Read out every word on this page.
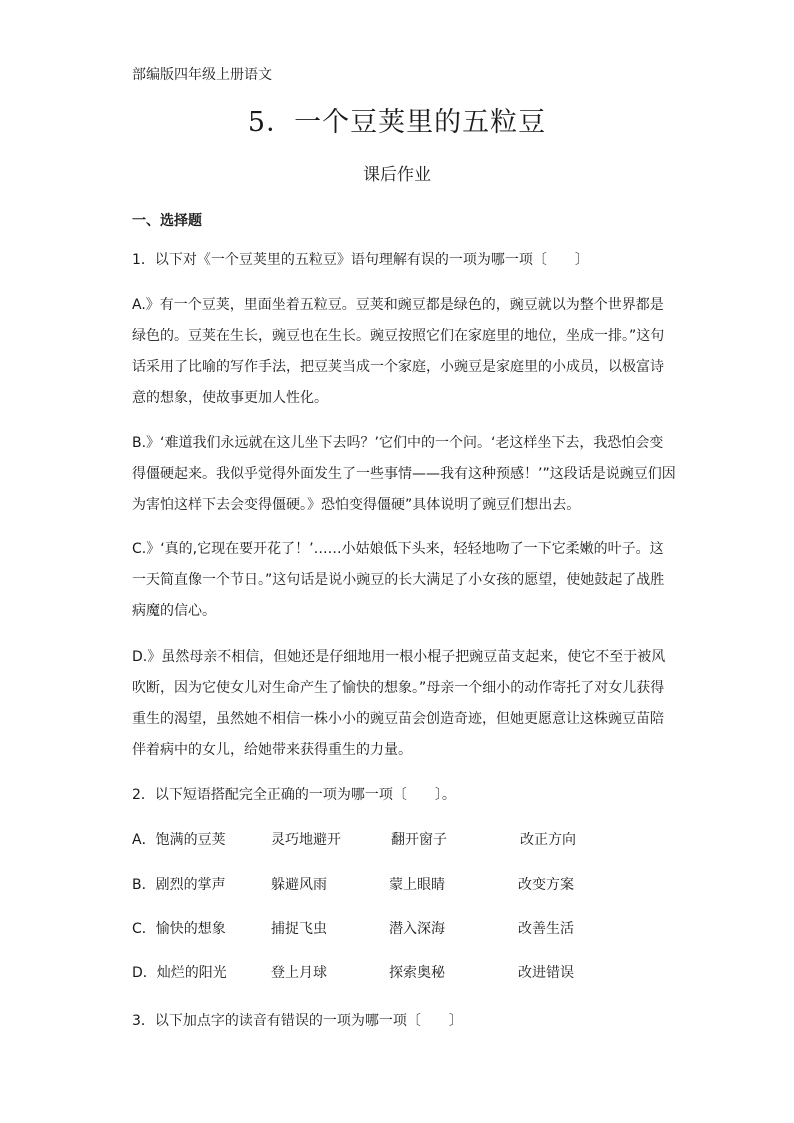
部编版四年级上册语文
5．一个豆荚里的五粒豆
课后作业
一、选择题
1．以下对《一个豆荚里的五粒豆》语句理解有误的一项为哪一项〔　　〕
A.》有一个豆荚，里面坐着五粒豆。豆荚和豌豆都是绿色的，豌豆就以为整个世界都是绿色的。豆荚在生长，豌豆也在生长。豌豆按照它们在家庭里的地位，坐成一排。”这句话采用了比喻的写作手法，把豆荚当成一个家庭，小豌豆是家庭里的小成员，以极富诗意的想象，使故事更加人性化。
B.》‘难道我们永远就在这儿坐下去吗？’它们中的一个问。‘老这样坐下去，我恐怕会变得僵硬起来。我似乎觉得外面发生了一些事情——我有这种预感！’”这段话是说豌豆们因为害怕这样下去会变得僵硬。》恐怕变得僵硬”具体说明了豌豆们想出去。
C.》‘真的,它现在要开花了！’……小姑娘低下头来，轻轻地吻了一下它柔嫩的叶子。这一天简直像一个节日。”这句话是说小豌豆的长大满足了小女孩的愿望，使她鼓起了战胜病魔的信心。
D.》虽然母亲不相信，但她还是仔细地用一根小棍子把豌豆苗支起来，使它不至于被风吹断，因为它使女儿对生命产生了愉快的想象。”母亲一个细小的动作寄托了对女儿获得重生的渴望，虽然她不相信一株小小的豌豆苗会创造奇迹，但她更愿意让这株豌豆苗陪伴着病中的女儿，给她带来获得重生的力量。
2．以下短语搭配完全正确的一项为哪一项〔　　〕。
A．饱满的豆荚	灵巧地避开	翻开窗子	改正方向
B．剧烈的掌声	躲避风雨	蒙上眼睛	改变方案
C．愉快的想象	捕捉飞虫	潜入深海	改善生活
D．灿烂的阳光	登上月球	探索奥秘	改进错误
3．以下加点字的读音有错误的一项为哪一项〔　　〕
